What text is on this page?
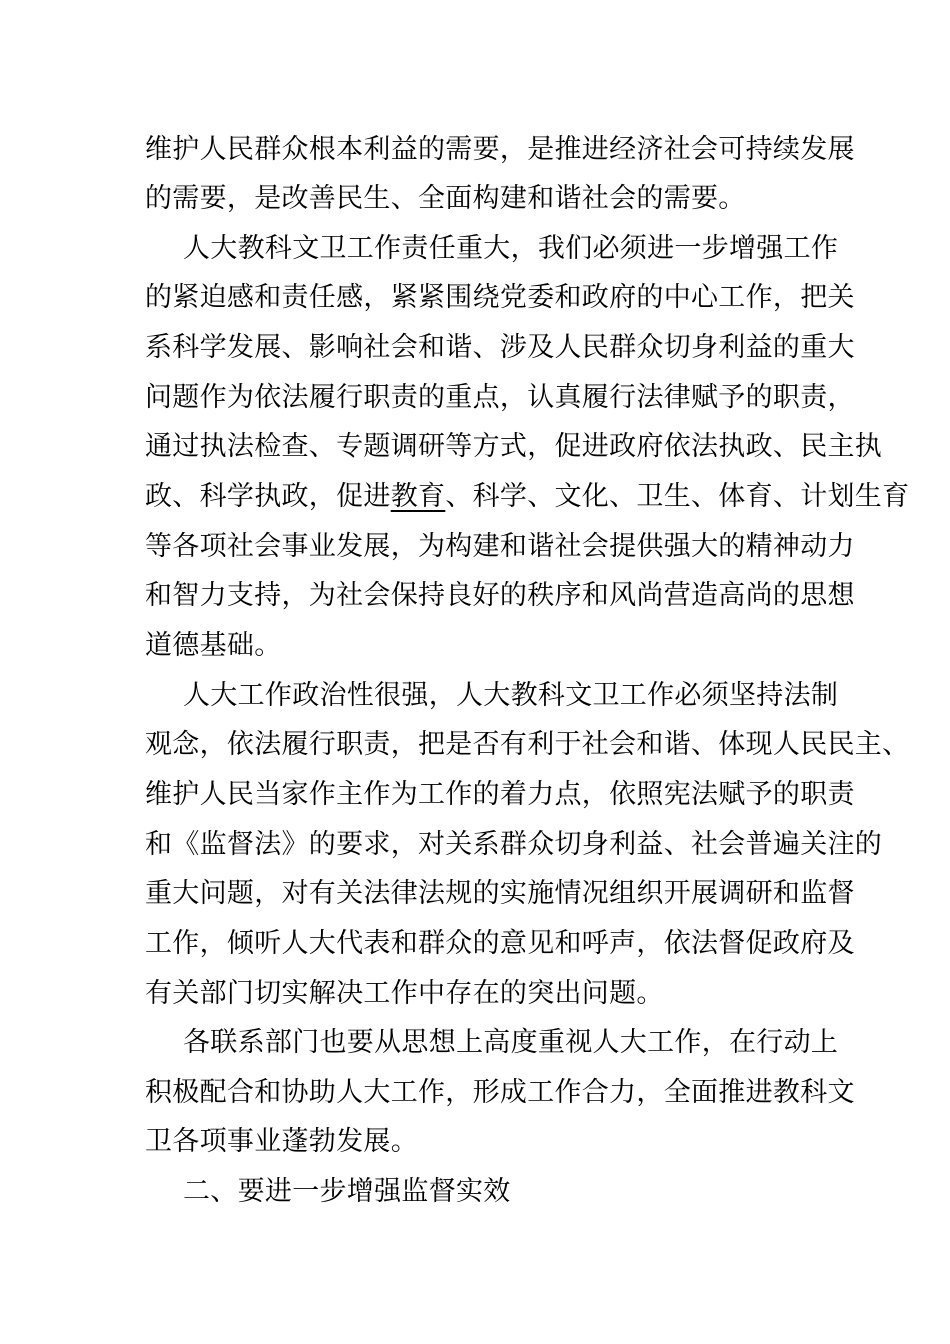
维护人民群众根本利益的需要，是推进经济社会可持续发展
的需要，是改善民生、全面构建和谐社会的需要。
人大教科文卫工作责任重大，我们必须进一步增强工作
的紧迫感和责任感，紧紧围绕党委和政府的中心工作，把关
系科学发展、影响社会和谐、涉及人民群众切身利益的重大
问题作为依法履行职责的重点，认真履行法律赋予的职责，
通过执法检查、专题调研等方式，促进政府依法执政、民主执
政、科学执政，促进教育、科学、文化、卫生、体育、计划生育
等各项社会事业发展，为构建和谐社会提供强大的精神动力
和智力支持，为社会保持良好的秩序和风尚营造高尚的思想
道德基础。
人大工作政治性很强，人大教科文卫工作必须坚持法制
观念，依法履行职责，把是否有利于社会和谐、体现人民民主、
维护人民当家作主作为工作的着力点，依照宪法赋予的职责
和《监督法》的要求，对关系群众切身利益、社会普遍关注的
重大问题，对有关法律法规的实施情况组织开展调研和监督
工作，倾听人大代表和群众的意见和呼声，依法督促政府及
有关部门切实解决工作中存在的突出问题。
各联系部门也要从思想上高度重视人大工作，在行动上
积极配合和协助人大工作，形成工作合力，全面推进教科文
卫各项事业蓬勃发展。
二、要进一步增强监督实效
